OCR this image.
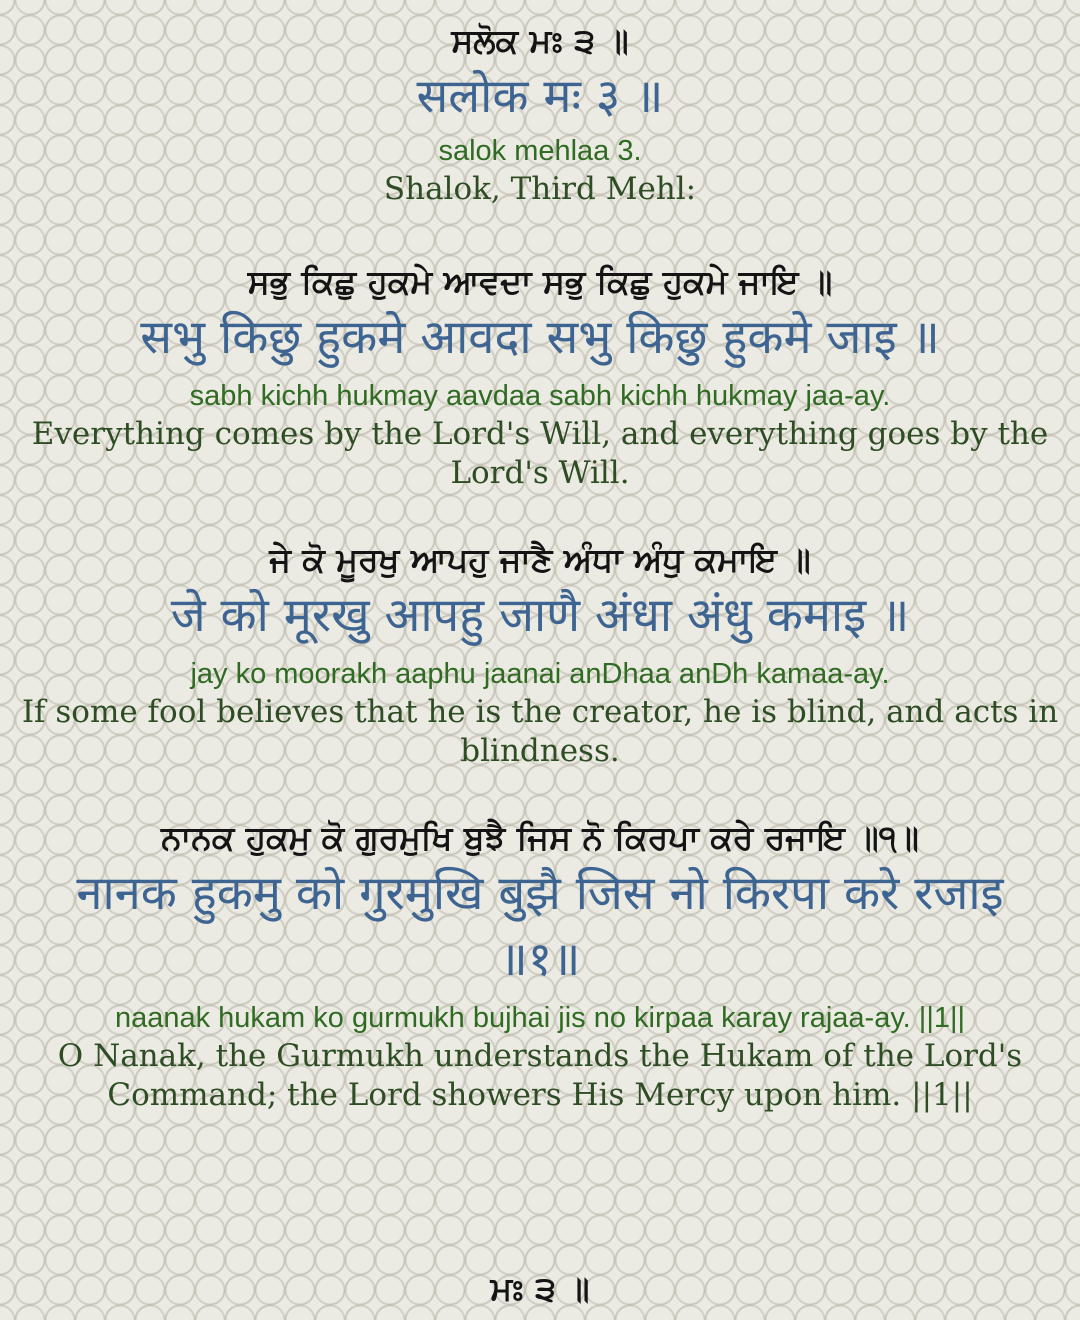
ਸਲੋਕ ਮਃ ੩ ॥

सलोक मः ३ ॥

salok mehlaa 3.

Shalok, Third Mehl:

ਸਭੁ ਕਿਛੁ ਹੁਕਮੇ ਆਵਦਾ ਸਭੁ ਕਿਛੁ ਹੁਕਮੇ ਜਾਇ ॥

सभु किछु हुकमे आवदा सभु किछु हुकमे जाइ ॥

sabh kichh hukmay aavdaa sabh kichh hukmay jaa-ay.

Everything comes by the Lord's Will, and everything goes by the Lord's Will.

ਜੇ ਕੋ ਮੂਰਖੁ ਆਪਹੁ ਜਾਣੈ ਅੰਧਾ ਅੰਧੁ ਕਮਾਇ ॥

जे को मूरखु आपहु जाणै अंधा अंधु कमाइ ॥

jay ko moorakh aaphu jaanai anDhaa anDh kamaa-ay.

If some fool believes that he is the creator, he is blind, and acts in blindness.

ਨਾਨਕ ਹੁਕਮੁ ਕੋ ਗੁਰਮੁਖਿ ਬੁਝੈ ਜਿਸ ਨੋ ਕਿਰਪਾ ਕਰੇ ਰਜਾਇ ॥੧॥

नानक हुकमु को गुरमुखि बुझै जिस नो किरपा करे रजाइ ॥१॥

naanak hukam ko gurmukh bujhai jis no kirpaa karay rajaa-ay. ||1||

O Nanak, the Gurmukh understands the Hukam of the Lord's Command; the Lord showers His Mercy upon him. ||1||

ਮਃ ੩ ॥
